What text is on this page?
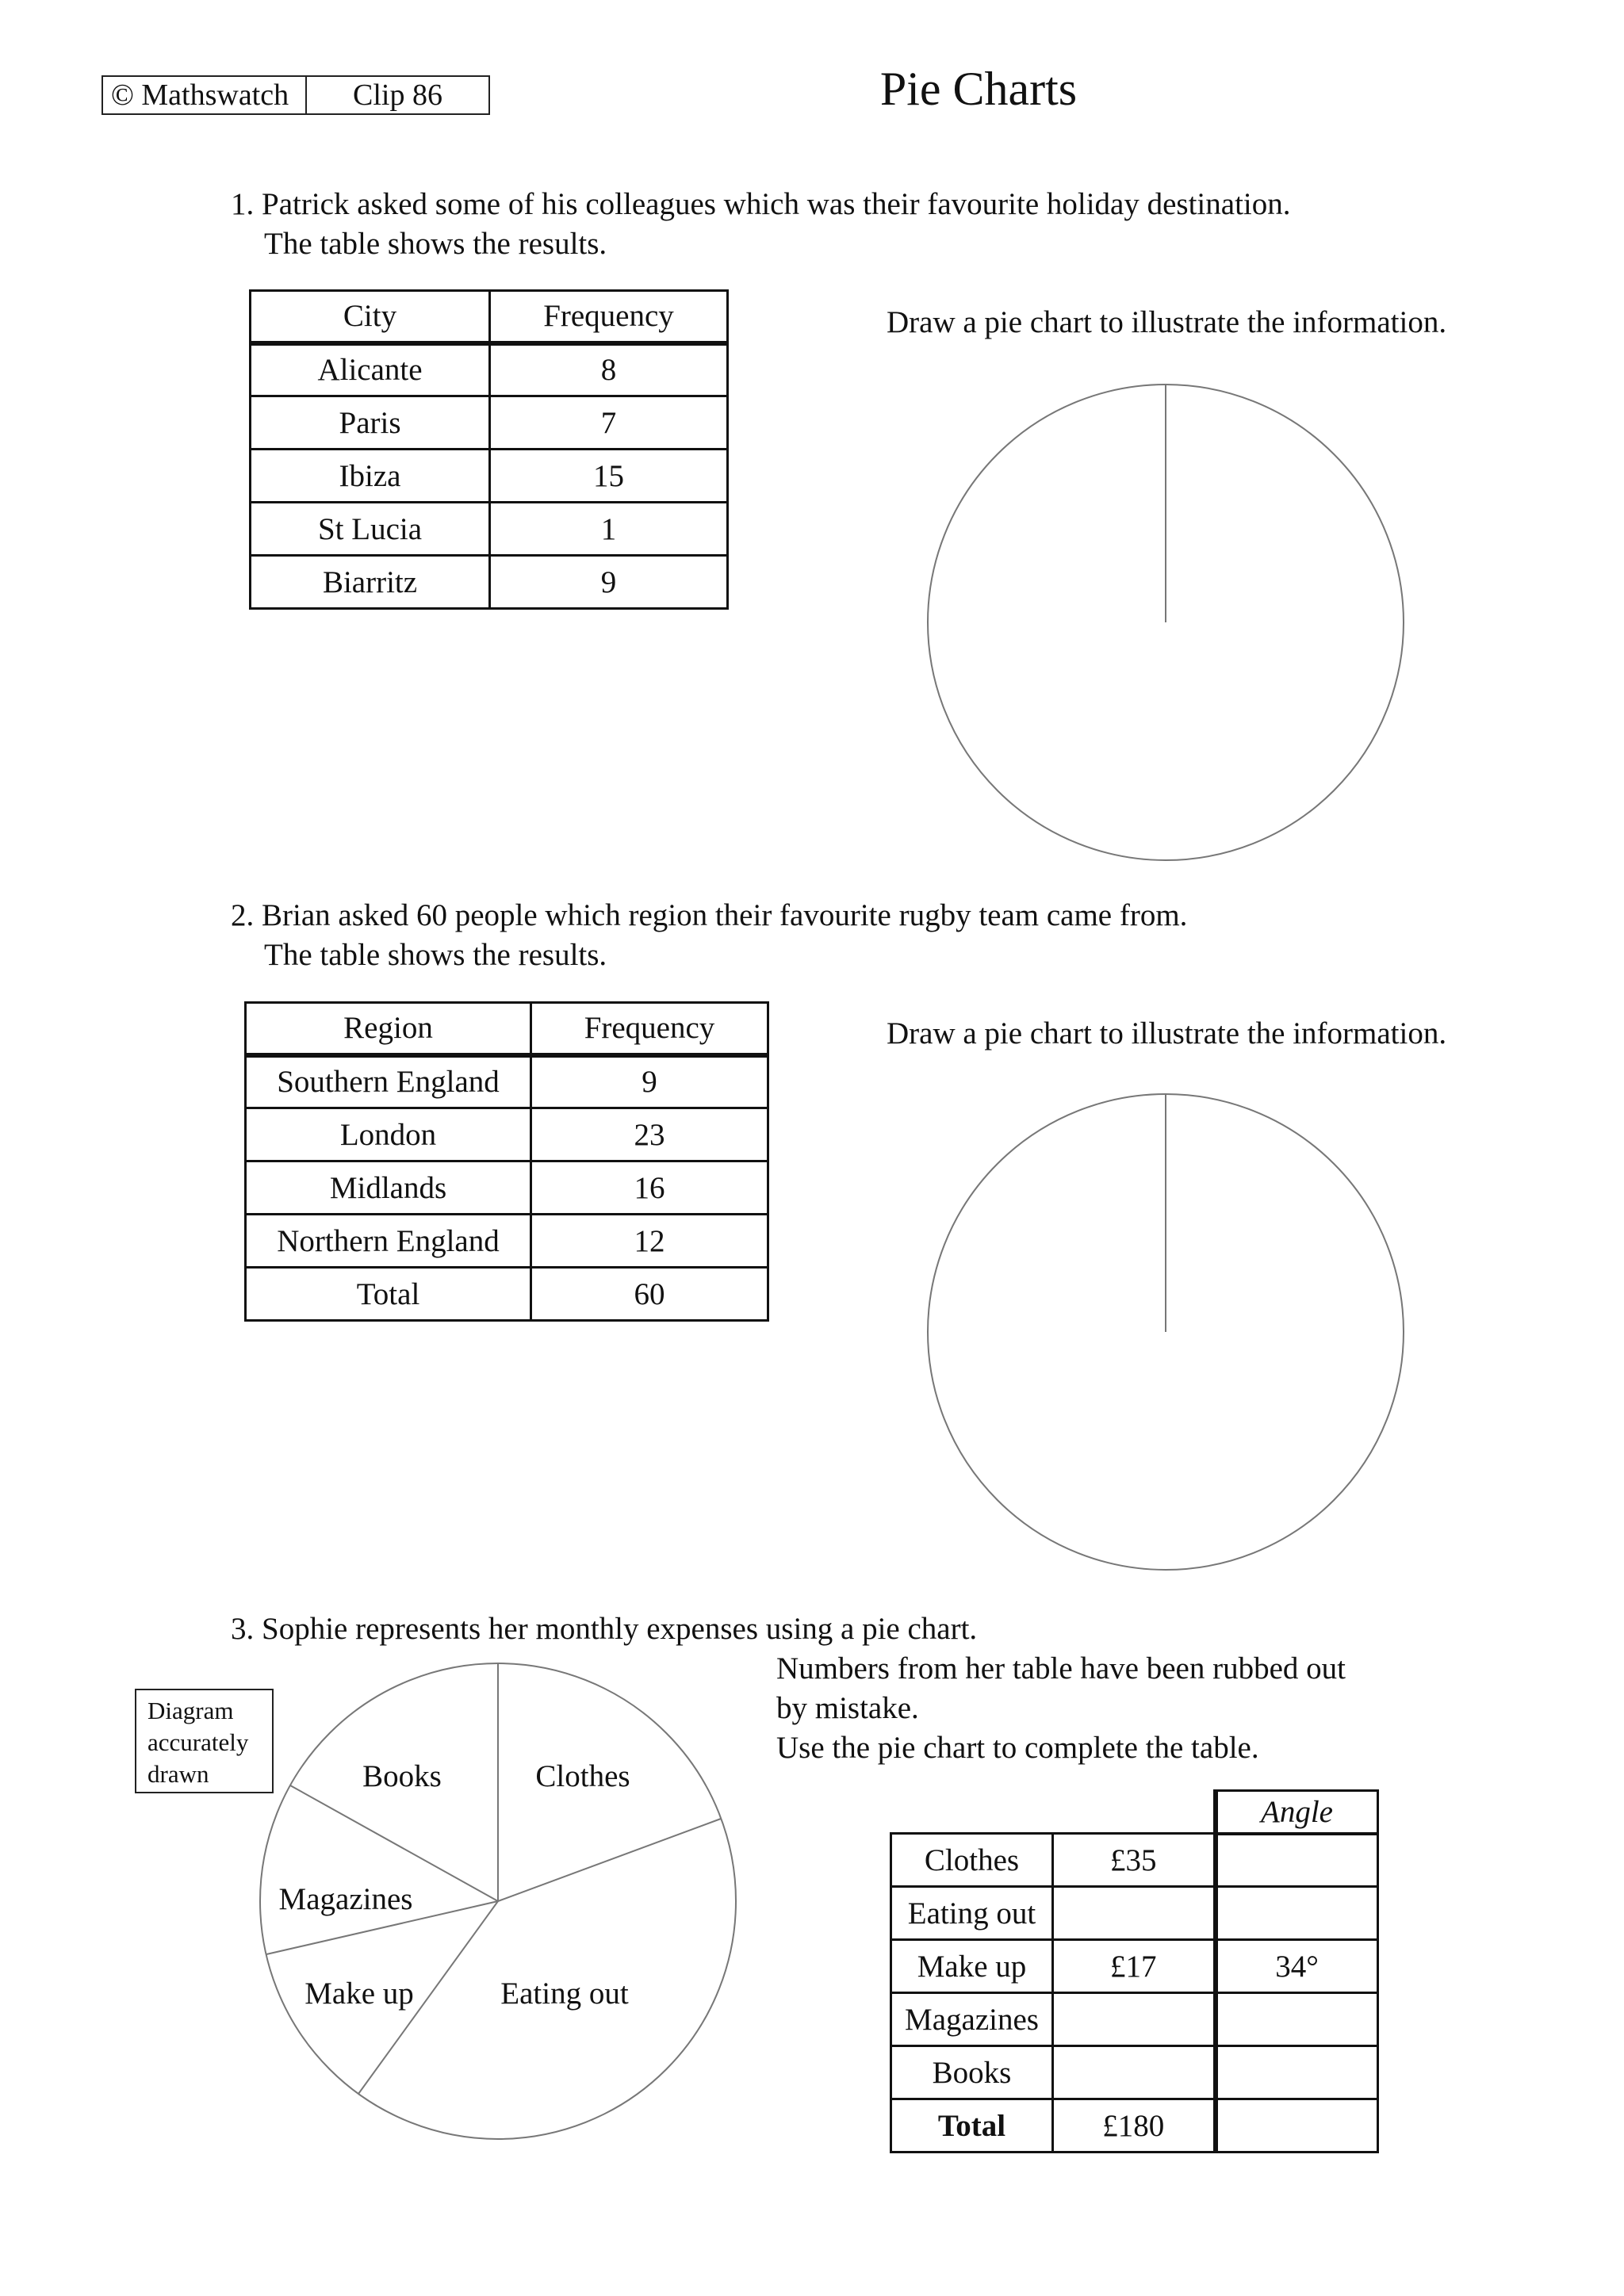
© Mathswatch	Clip 86	Pie Charts
1. Patrick asked some of his colleagues which was their favourite holiday destination.
The table shows the results.
City	Frequency
Alicante	8
Paris	7
Ibiza	15
St Lucia	1
Biarritz	9
Draw a pie chart to illustrate the information.
2. Brian asked 60 people which region their favourite rugby team came from.
The table shows the results.
Region	Frequency
Southern England	9
London	23
Midlands	16
Northern England	12
Total	60
Draw a pie chart to illustrate the information.
3. Sophie represents her monthly expenses using a pie chart.
Numbers from her table have been rubbed out
by mistake.
Use the pie chart to complete the table.
Diagram
accurately
drawn	Books	Clothes
Magazines
Make up	Eating out
		Angle
Clothes	£35	
Eating out		
Make up	£17	34°
Magazines		
Books		
Total	£180	
